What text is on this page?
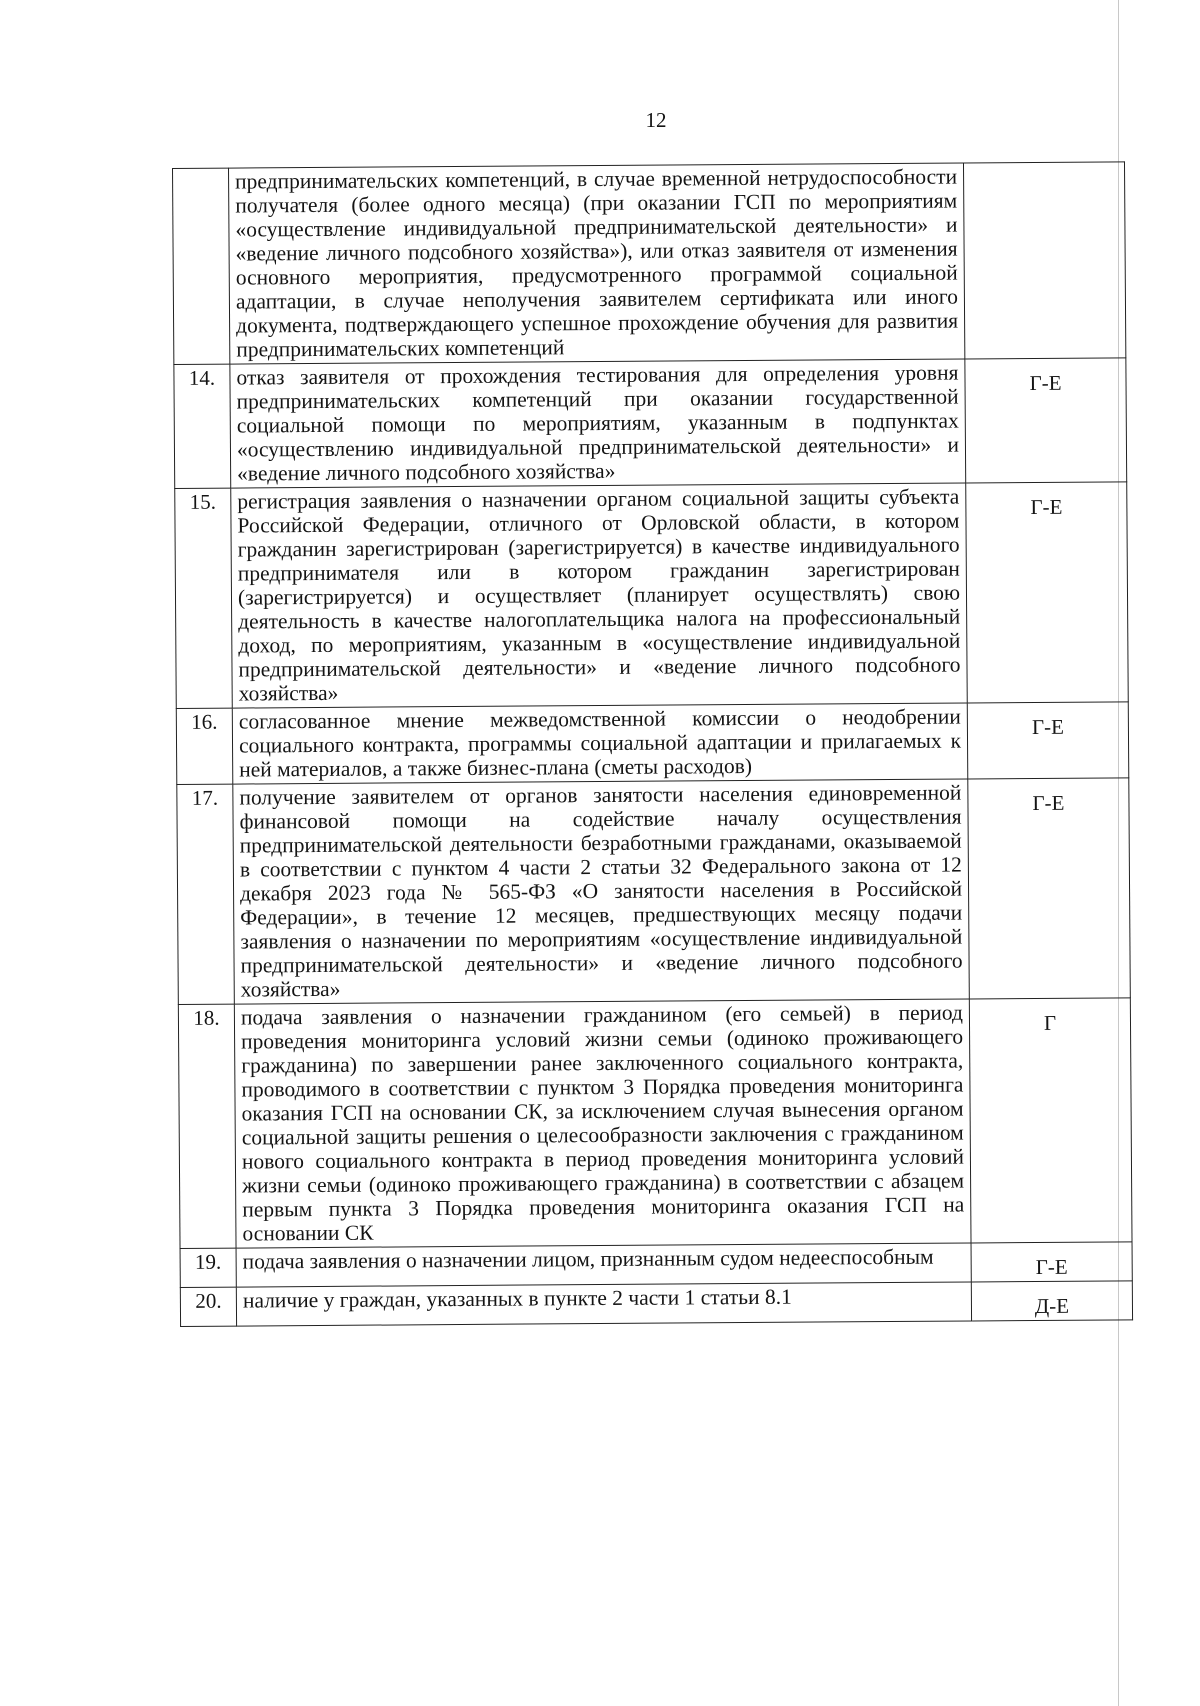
12

	предпринимательских компетенций, в случае временной нетрудоспособности получателя (более одного месяца) (при оказании ГСП по мероприятиям «осуществление индивидуальной предпринимательской деятельности» и «ведение личного подсобного хозяйства»), или отказ заявителя от изменения основного мероприятия, предусмотренного программой социальной адаптации, в случае неполучения заявителем сертификата или иного документа, подтверждающего успешное прохождение обучения для развития предпринимательских компетенций	

14.	отказ заявителя от прохождения тестирования для определения уровня предпринимательских компетенций при оказании государственной социальной помощи по мероприятиям, указанным в подпунктах «осуществлению индивидуальной предпринимательской деятельности» и «ведение личного подсобного хозяйства»	Г-Е
15.	регистрация заявления о назначении органом социальной защиты субъекта Российской Федерации, отличного от Орловской области, в котором гражданин зарегистрирован (зарегистрируется) в качестве индивидуального предпринимателя или в котором гражданин зарегистрирован (зарегистрируется) и осуществляет (планирует осуществлять) свою деятельность в качестве налогоплательщика налога на профессиональный доход, по мероприятиям, указанным в «осуществление индивидуальной предпринимательской деятельности» и «ведение личного подсобного хозяйства»	Г-Е
16.	согласованное мнение межведомственной комиссии о неодобрении социального контракта, программы социальной адаптации и прилагаемых к ней материалов, а также бизнес-плана (сметы расходов)	Г-Е
17.	получение заявителем от органов занятости населения единовременной финансовой помощи на содействие началу осуществления предпринимательской деятельности безработными гражданами, оказываемой в соответствии с пунктом 4 части 2 статьи 32 Федерального закона от 12 декабря 2023 года № 565-ФЗ «О занятости населения в Российской Федерации», в течение 12 месяцев, предшествующих месяцу подачи заявления о назначении по мероприятиям «осуществление индивидуальной предпринимательской деятельности» и «ведение личного подсобного хозяйства»	Г-Е
18.	подача заявления о назначении гражданином (его семьей) в период проведения мониторинга условий жизни семьи (одиноко проживающего гражданина) по завершении ранее заключенного социального контракта, проводимого в соответствии с пунктом 3 Порядка проведения мониторинга оказания ГСП на основании СК, за исключением случая вынесения органом социальной защиты решения о целесообразности заключения с гражданином нового социального контракта в период проведения мониторинга условий жизни семьи (одиноко проживающего гражданина) в соответствии с абзацем первым пункта 3 Порядка проведения мониторинга оказания ГСП на основании СК	Г
19.	подача заявления о назначении лицом, признанным судом недееспособным	Г-Е
20.	наличие у граждан, указанных в пункте 2 части 1 статьи 8.1	Д-Е
